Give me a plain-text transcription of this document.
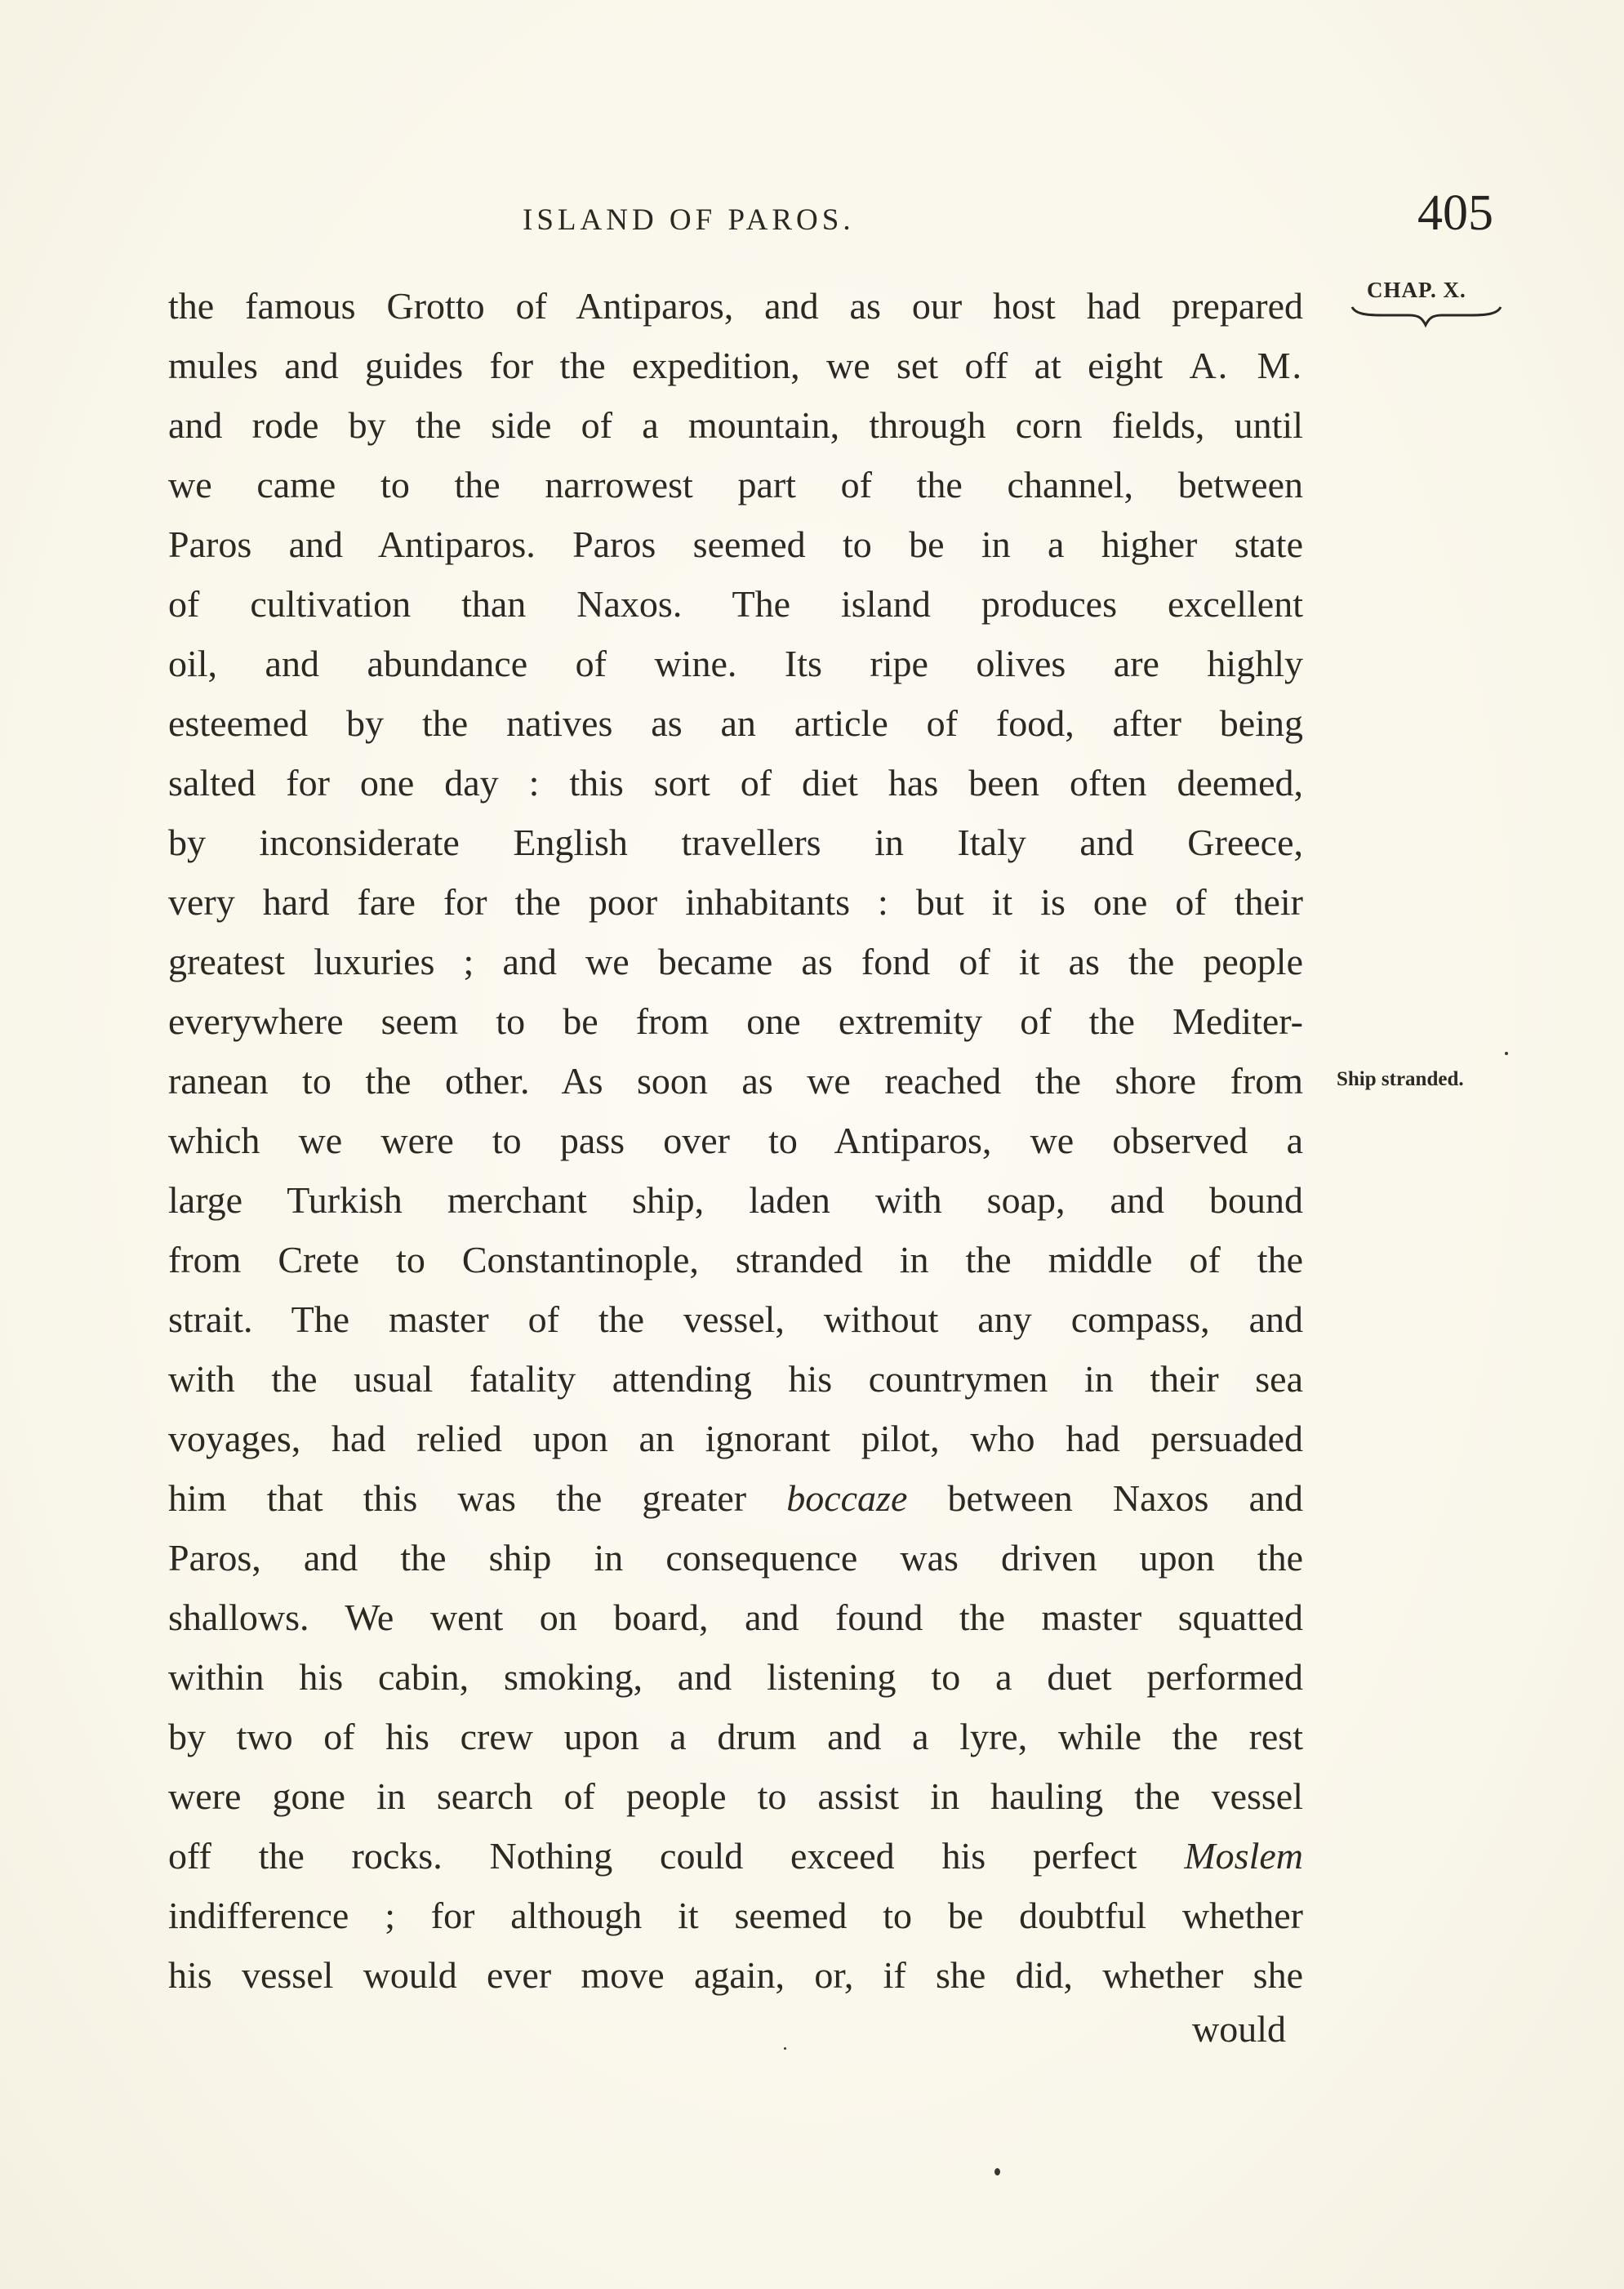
ISLAND OF PAROS.	405
CHAP. X.
Ship stranded.
the famous Grotto of Antiparos, and as our host had prepared
mules and guides for the expedition, we set off at eight A. M.
and rode by the side of a mountain, through corn fields, until
we came to the narrowest part of the channel, between
Paros and Antiparos. Paros seemed to be in a higher state
of cultivation than Naxos. The island produces excellent
oil, and abundance of wine. Its ripe olives are highly
esteemed by the natives as an article of food, after being
salted for one day : this sort of diet has been often deemed,
by inconsiderate English travellers in Italy and Greece,
very hard fare for the poor inhabitants : but it is one of their
greatest luxuries ; and we became as fond of it as the people
everywhere seem to be from one extremity of the Mediter-
ranean to the other. As soon as we reached the shore from
which we were to pass over to Antiparos, we observed a
large Turkish merchant ship, laden with soap, and bound
from Crete to Constantinople, stranded in the middle of the
strait. The master of the vessel, without any compass, and
with the usual fatality attending his countrymen in their sea
voyages, had relied upon an ignorant pilot, who had persuaded
him that this was the greater boccaze between Naxos and
Paros, and the ship in consequence was driven upon the
shallows. We went on board, and found the master squatted
within his cabin, smoking, and listening to a duet performed
by two of his crew upon a drum and a lyre, while the rest
were gone in search of people to assist in hauling the vessel
off the rocks. Nothing could exceed his perfect Moslem
indifference ; for although it seemed to be doubtful whether
his vessel would ever move again, or, if she did, whether she
would
